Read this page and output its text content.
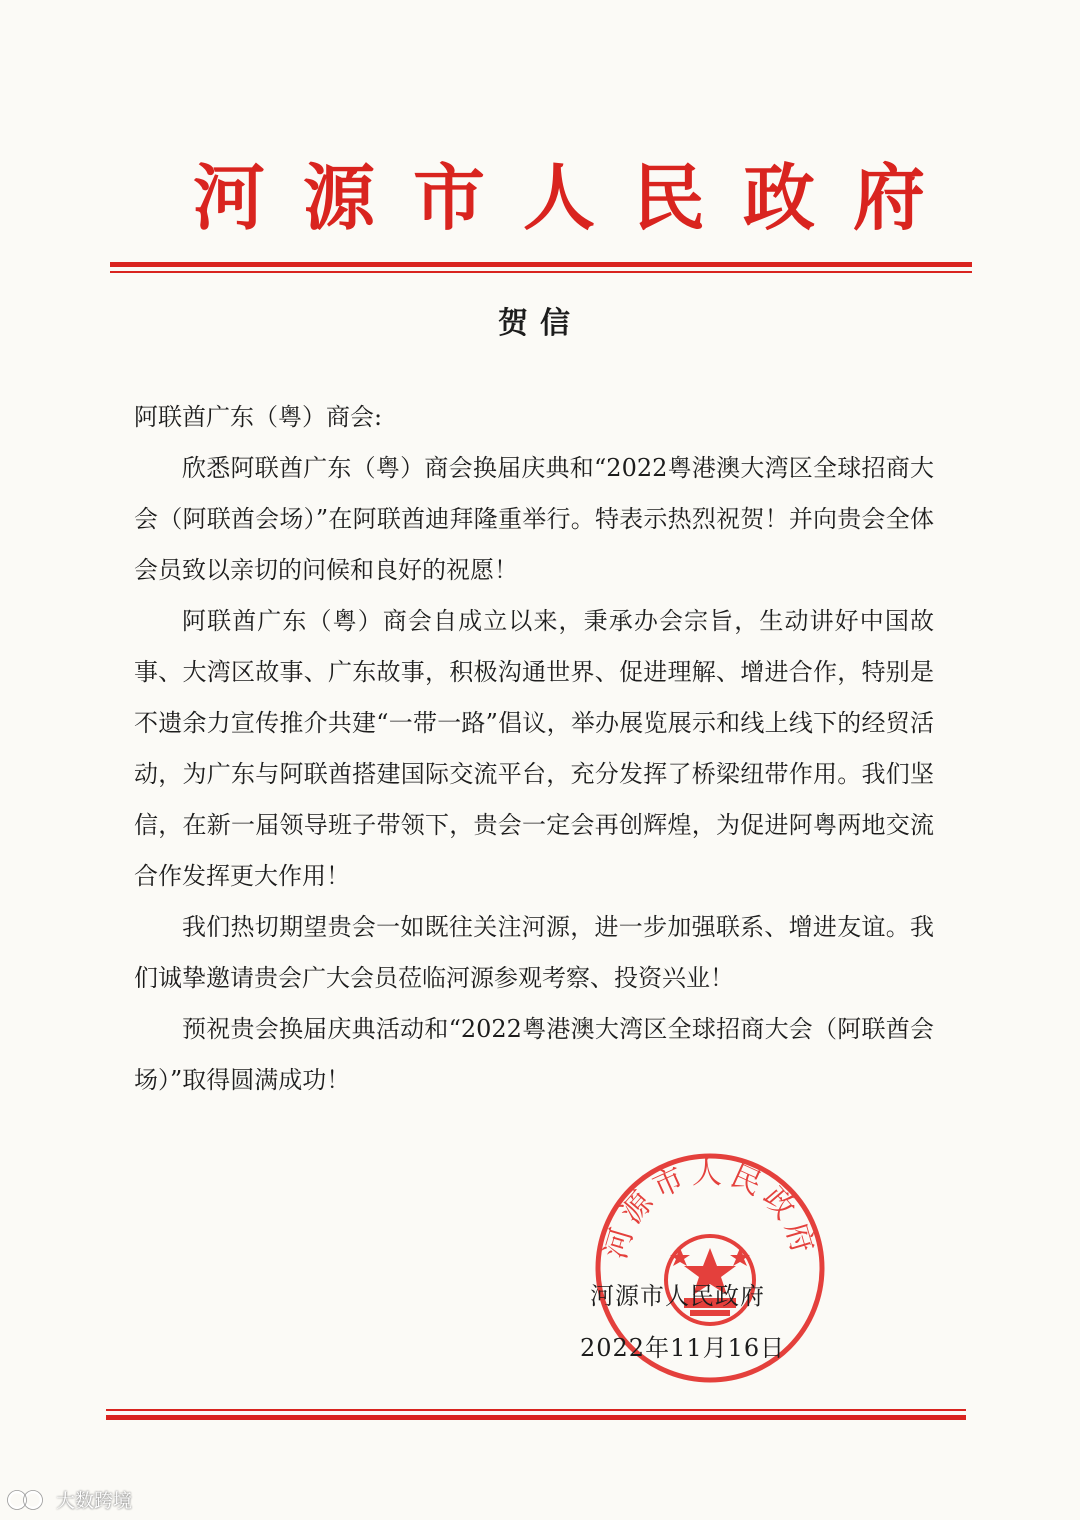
河源市人民政府
贺信

阿联酋广东（粤）商会:

欣悉阿联酋广东（粤）商会换届庆典和“2022粤港澳大湾区全球招商大会（阿联酋会场）”在阿联酋迪拜隆重举行。特表示热烈祝贺！并向贵会全体会员致以亲切的问候和良好的祝愿！

阿联酋广东（粤）商会自成立以来，秉承办会宗旨，生动讲好中国故事、大湾区故事、广东故事，积极沟通世界、促进理解、增进合作，特别是不遗余力宣传推介共建“一带一路”倡议，举办展览展示和线上线下的经贸活动，为广东与阿联酋搭建国际交流平台，充分发挥了桥梁纽带作用。我们坚信，在新一届领导班子带领下，贵会一定会再创辉煌，为促进阿粤两地交流合作发挥更大作用！

我们热切期望贵会一如既往关注河源，进一步加强联系、增进友谊。我们诚挚邀请贵会广大会员莅临河源参观考察、投资兴业！

预祝贵会换届庆典活动和“2022粤港澳大湾区全球招商大会（阿联酋会场）”取得圆满成功！

河源市人民政府
河源市人民政府
2022年11月16日
大数跨境
